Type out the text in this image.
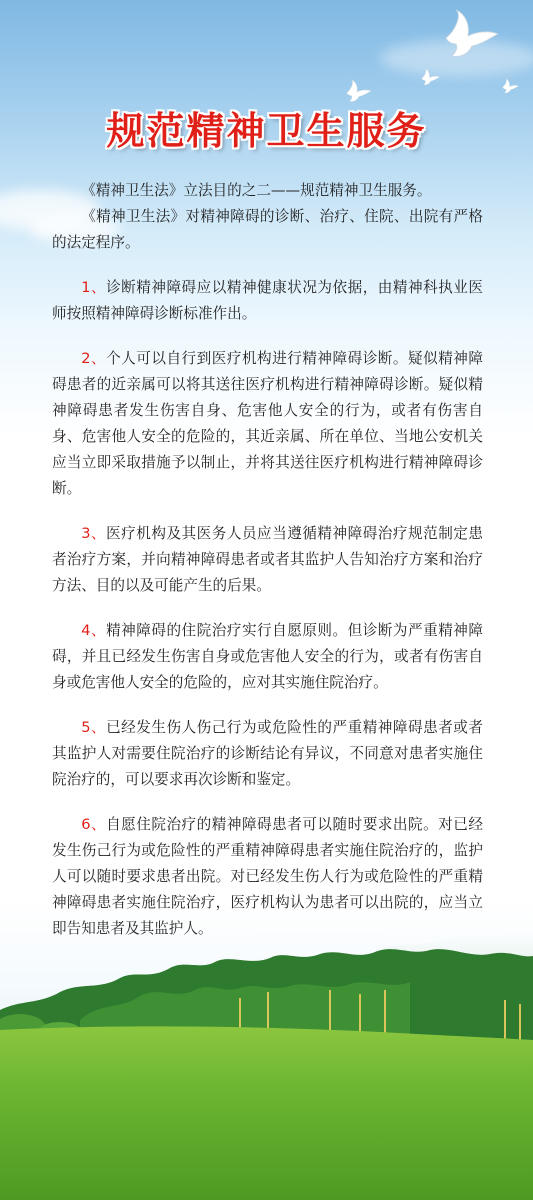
规范精神卫生服务

《精神卫生法》立法目的之二——规范精神卫生服务。

《精神卫生法》对精神障碍的诊断、治疗、住院、出院有严格的法定程序。

1、诊断精神障碍应以精神健康状况为依据，由精神科执业医师按照精神障碍诊断标准作出。

2、个人可以自行到医疗机构进行精神障碍诊断。疑似精神障碍患者的近亲属可以将其送往医疗机构进行精神障碍诊断。疑似精神障碍患者发生伤害自身、危害他人安全的行为，或者有伤害自身、危害他人安全的危险的，其近亲属、所在单位、当地公安机关应当立即采取措施予以制止，并将其送往医疗机构进行精神障碍诊断。

3、医疗机构及其医务人员应当遵循精神障碍治疗规范制定患者治疗方案，并向精神障碍患者或者其监护人告知治疗方案和治疗方法、目的以及可能产生的后果。

4、精神障碍的住院治疗实行自愿原则。但诊断为严重精神障碍，并且已经发生伤害自身或危害他人安全的行为，或者有伤害自身或危害他人安全的危险的，应对其实施住院治疗。

5、已经发生伤人伤己行为或危险性的严重精神障碍患者或者其监护人对需要住院治疗的诊断结论有异议，不同意对患者实施住院治疗的，可以要求再次诊断和鉴定。

6、自愿住院治疗的精神障碍患者可以随时要求出院。对已经发生伤己行为或危险性的严重精神障碍患者实施住院治疗的，监护人可以随时要求患者出院。对已经发生伤人行为或危险性的严重精神障碍患者实施住院治疗，医疗机构认为患者可以出院的，应当立即告知患者及其监护人。
